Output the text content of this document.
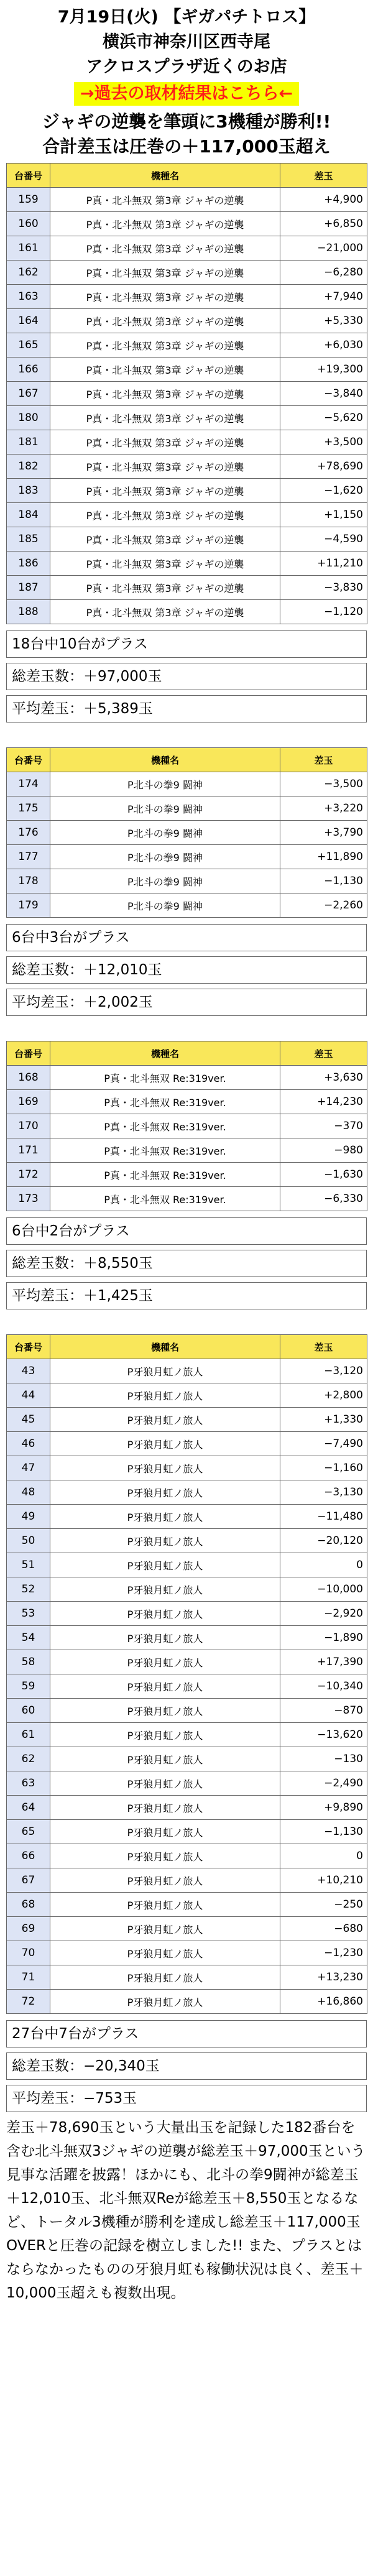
7月19日(火) 【ギガパチトロス】
横浜市神奈川区西寺尾
アクロスプラザ近くのお店
→過去の取材結果はこちら←
ジャギの逆襲を筆頭に3機種が勝利!!
合計差玉は圧巻の＋117,000玉超え
台番号	機種名	差玉
159	P真・北斗無双 第3章 ジャギの逆襲	+4,900
160	P真・北斗無双 第3章 ジャギの逆襲	+6,850
161	P真・北斗無双 第3章 ジャギの逆襲	−21,000
162	P真・北斗無双 第3章 ジャギの逆襲	−6,280
163	P真・北斗無双 第3章 ジャギの逆襲	+7,940
164	P真・北斗無双 第3章 ジャギの逆襲	+5,330
165	P真・北斗無双 第3章 ジャギの逆襲	+6,030
166	P真・北斗無双 第3章 ジャギの逆襲	+19,300
167	P真・北斗無双 第3章 ジャギの逆襲	−3,840
180	P真・北斗無双 第3章 ジャギの逆襲	−5,620
181	P真・北斗無双 第3章 ジャギの逆襲	+3,500
182	P真・北斗無双 第3章 ジャギの逆襲	+78,690
183	P真・北斗無双 第3章 ジャギの逆襲	−1,620
184	P真・北斗無双 第3章 ジャギの逆襲	+1,150
185	P真・北斗無双 第3章 ジャギの逆襲	−4,590
186	P真・北斗無双 第3章 ジャギの逆襲	+11,210
187	P真・北斗無双 第3章 ジャギの逆襲	−3,830
188	P真・北斗無双 第3章 ジャギの逆襲	−1,120
18台中10台がプラス
総差玉数：＋97,000玉
平均差玉：＋5,389玉
台番号	機種名	差玉
174	P北斗の拳9 闘神	−3,500
175	P北斗の拳9 闘神	+3,220
176	P北斗の拳9 闘神	+3,790
177	P北斗の拳9 闘神	+11,890
178	P北斗の拳9 闘神	−1,130
179	P北斗の拳9 闘神	−2,260
6台中3台がプラス
総差玉数：＋12,010玉
平均差玉：＋2,002玉
台番号	機種名	差玉
168	P真・北斗無双 Re:319ver.	+3,630
169	P真・北斗無双 Re:319ver.	+14,230
170	P真・北斗無双 Re:319ver.	−370
171	P真・北斗無双 Re:319ver.	−980
172	P真・北斗無双 Re:319ver.	−1,630
173	P真・北斗無双 Re:319ver.	−6,330
6台中2台がプラス
総差玉数：＋8,550玉
平均差玉：＋1,425玉
台番号	機種名	差玉
43	P牙狼月虹ノ旅人	−3,120
44	P牙狼月虹ノ旅人	+2,800
45	P牙狼月虹ノ旅人	+1,330
46	P牙狼月虹ノ旅人	−7,490
47	P牙狼月虹ノ旅人	−1,160
48	P牙狼月虹ノ旅人	−3,130
49	P牙狼月虹ノ旅人	−11,480
50	P牙狼月虹ノ旅人	−20,120
51	P牙狼月虹ノ旅人	0
52	P牙狼月虹ノ旅人	−10,000
53	P牙狼月虹ノ旅人	−2,920
54	P牙狼月虹ノ旅人	−1,890
58	P牙狼月虹ノ旅人	+17,390
59	P牙狼月虹ノ旅人	−10,340
60	P牙狼月虹ノ旅人	−870
61	P牙狼月虹ノ旅人	−13,620
62	P牙狼月虹ノ旅人	−130
63	P牙狼月虹ノ旅人	−2,490
64	P牙狼月虹ノ旅人	+9,890
65	P牙狼月虹ノ旅人	−1,130
66	P牙狼月虹ノ旅人	0
67	P牙狼月虹ノ旅人	+10,210
68	P牙狼月虹ノ旅人	−250
69	P牙狼月虹ノ旅人	−680
70	P牙狼月虹ノ旅人	−1,230
71	P牙狼月虹ノ旅人	+13,230
72	P牙狼月虹ノ旅人	+16,860
27台中7台がプラス
総差玉数：−20,340玉
平均差玉：−753玉
差玉＋78,690玉という大量出玉を記録した182番台を含む北斗無双3ジャギの逆襲が総差玉＋97,000玉という見事な活躍を披露！ほかにも、北斗の拳9闘神が総差玉＋12,010玉、北斗無双Reが総差玉＋8,550玉となるなど、トータル3機種が勝利を達成し総差玉＋117,000玉OVERと圧巻の記録を樹立しました!! また、プラスとはならなかったものの牙狼月虹も稼働状況は良く、差玉＋10,000玉超えも複数出現。
